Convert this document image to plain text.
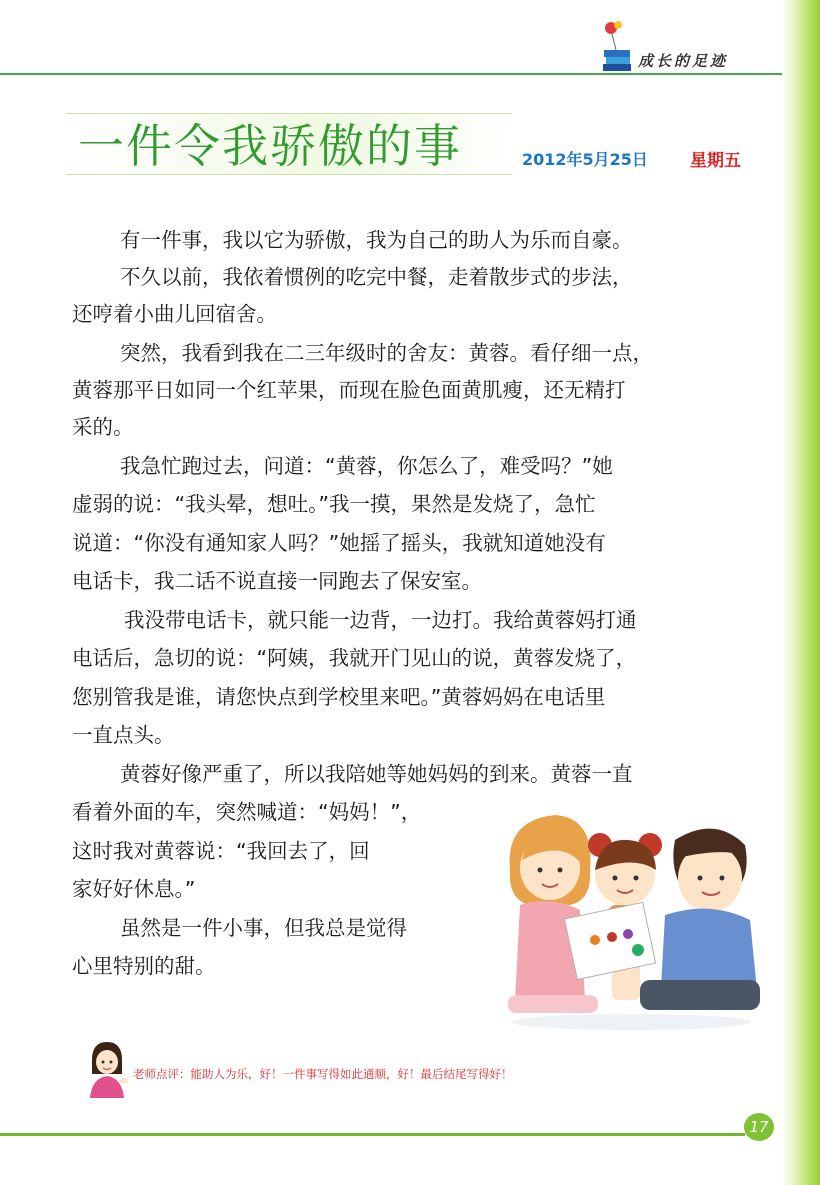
成长的足迹
一件令我骄傲的事	2012年5月25日 星期五
有一件事，我以它为骄傲，我为自己的助人为乐而自豪。
不久以前，我依着惯例的吃完中餐，走着散步式的步法，
还哼着小曲儿回宿舍。
突然，我看到我在二三年级时的舍友：黄蓉。看仔细一点，
黄蓉那平日如同一个红苹果，而现在脸色面黄肌瘦，还无精打
采的。
我急忙跑过去，问道：“黄蓉，你怎么了，难受吗？”她
虚弱的说：“我头晕，想吐。”我一摸，果然是发烧了，急忙
说道：“你没有通知家人吗？”她摇了摇头，我就知道她没有
电话卡，我二话不说直接一同跑去了保安室。
我没带电话卡，就只能一边背，一边打。我给黄蓉妈打通
电话后，急切的说：“阿姨，我就开门见山的说，黄蓉发烧了，
您别管我是谁，请您快点到学校里来吧。”黄蓉妈妈在电话里
一直点头。
黄蓉好像严重了，所以我陪她等她妈妈的到来。黄蓉一直
看着外面的车，突然喊道：“妈妈！”，
这时我对黄蓉说：“我回去了，回
家好好休息。”
虽然是一件小事，但我总是觉得
心里特别的甜。
老师点评：能助人为乐，好！一件事写得如此通顺，好！最后结尾写得好！
17
